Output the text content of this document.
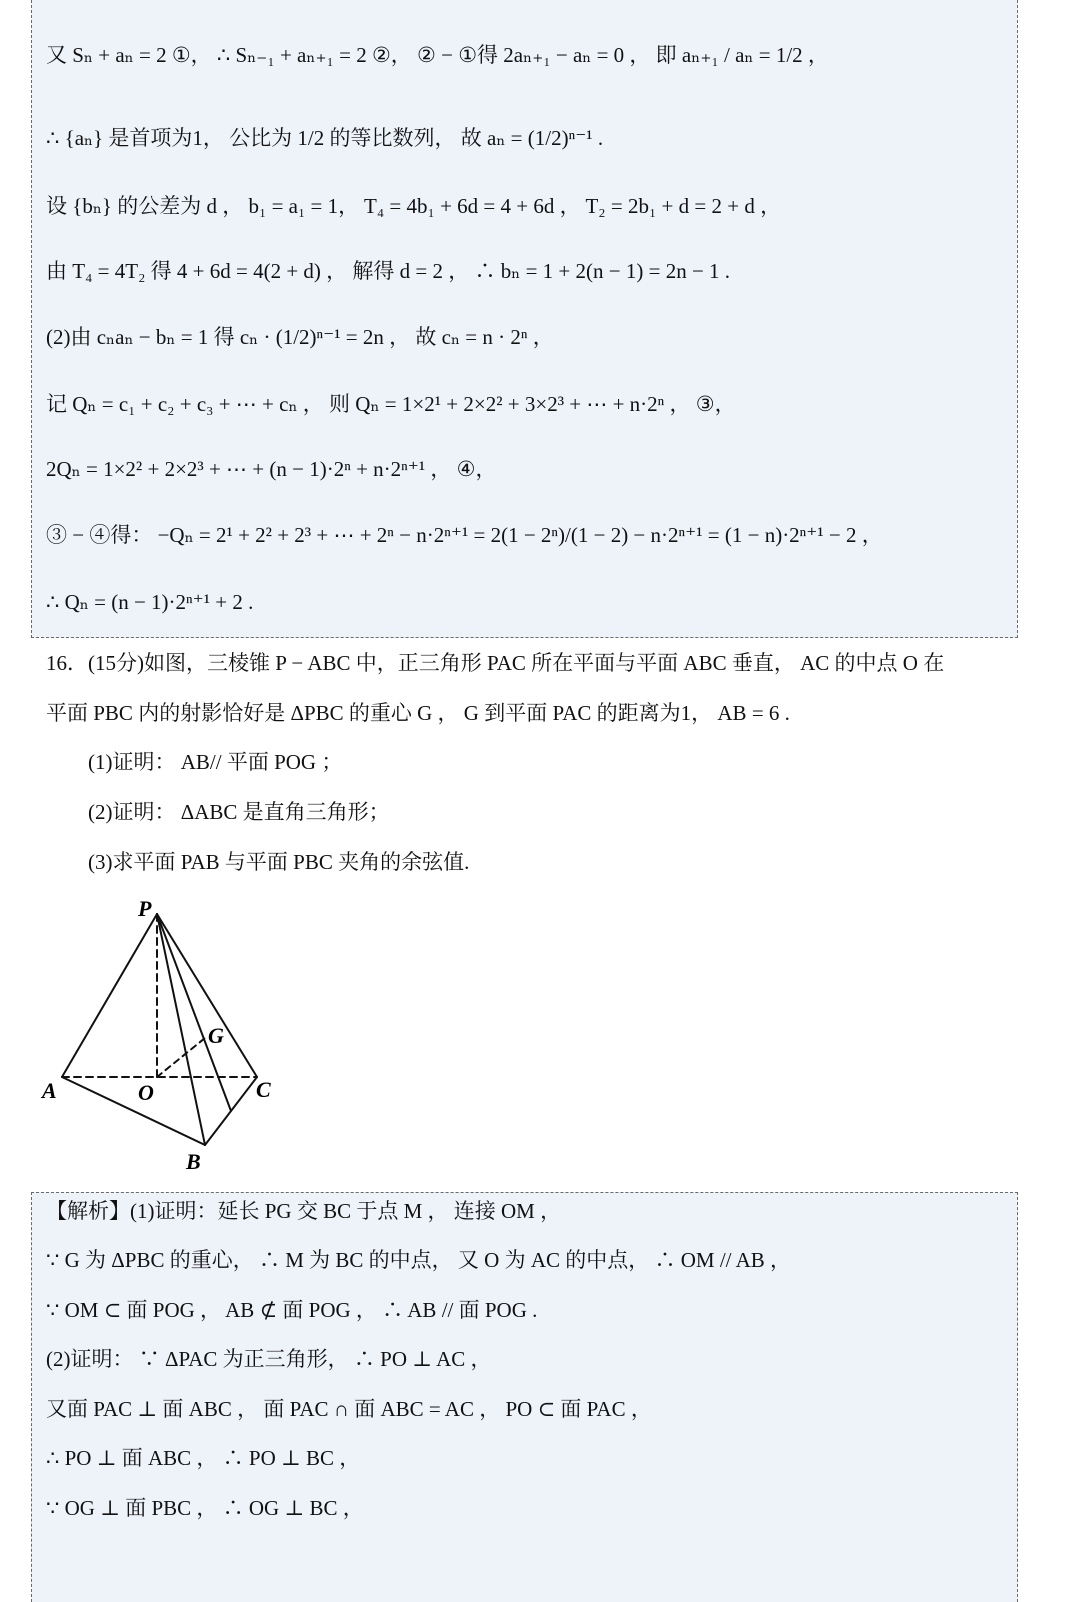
又 Sₙ + aₙ = 2 ①， ∴ Sₙ₋₁ + aₙ₊₁ = 2 ②， ② − ①得 2aₙ₊₁ − aₙ = 0 ， 即 aₙ₊₁ / aₙ = 1/2 ，
∴ {aₙ} 是首项为1， 公比为 1/2 的等比数列， 故 aₙ = (1/2)ⁿ⁻¹ .
设 {bₙ} 的公差为 d ， b₁ = a₁ = 1， T₄ = 4b₁ + 6d = 4 + 6d ， T₂ = 2b₁ + d = 2 + d ，
由 T₄ = 4T₂ 得 4 + 6d = 4(2 + d) ， 解得 d = 2 ， ∴ bₙ = 1 + 2(n − 1) = 2n − 1 .
(2)由 cₙaₙ − bₙ = 1 得 cₙ · (1/2)ⁿ⁻¹ = 2n ， 故 cₙ = n · 2ⁿ ，
记 Qₙ = c₁ + c₂ + c₃ + ⋯ + cₙ ， 则 Qₙ = 1×2¹ + 2×2² + 3×2³ + ⋯ + n·2ⁿ ， ③，
2Qₙ = 1×2² + 2×2³ + ⋯ + (n − 1)·2ⁿ + n·2ⁿ⁺¹ ， ④，
③ − ④得： −Qₙ = 2¹ + 2² + 2³ + ⋯ + 2ⁿ − n·2ⁿ⁺¹ = 2(1 − 2ⁿ)/(1 − 2) − n·2ⁿ⁺¹ = (1 − n)·2ⁿ⁺¹ − 2 ，
∴ Qₙ = (n − 1)·2ⁿ⁺¹ + 2 .
16．(15分)如图，三棱锥 P − ABC 中，正三角形 PAC 所在平面与平面 ABC 垂直， AC 的中点 O 在
平面 PBC 内的射影恰好是 ΔPBC 的重心 G ， G 到平面 PAC 的距离为1， AB = 6 .
(1)证明： AB// 平面 POG ；
(2)证明： ΔABC 是直角三角形；
(3)求平面 PAB 与平面 PBC 夹角的余弦值.
P
G
A	O	C
B
【解析】(1)证明：延长 PG 交 BC 于点 M ， 连接 OM ，
∵ G 为 ΔPBC 的重心， ∴ M 为 BC 的中点， 又 O 为 AC 的中点， ∴ OM // AB ，
∵ OM ⊂ 面 POG ， AB ⊄ 面 POG ， ∴ AB // 面 POG .
(2)证明： ∵ ΔPAC 为正三角形， ∴ PO ⊥ AC ，
又面 PAC ⊥ 面 ABC ， 面 PAC ∩ 面 ABC = AC ， PO ⊂ 面 PAC ，
∴ PO ⊥ 面 ABC ， ∴ PO ⊥ BC ，
∵ OG ⊥ 面 PBC ， ∴ OG ⊥ BC ，
